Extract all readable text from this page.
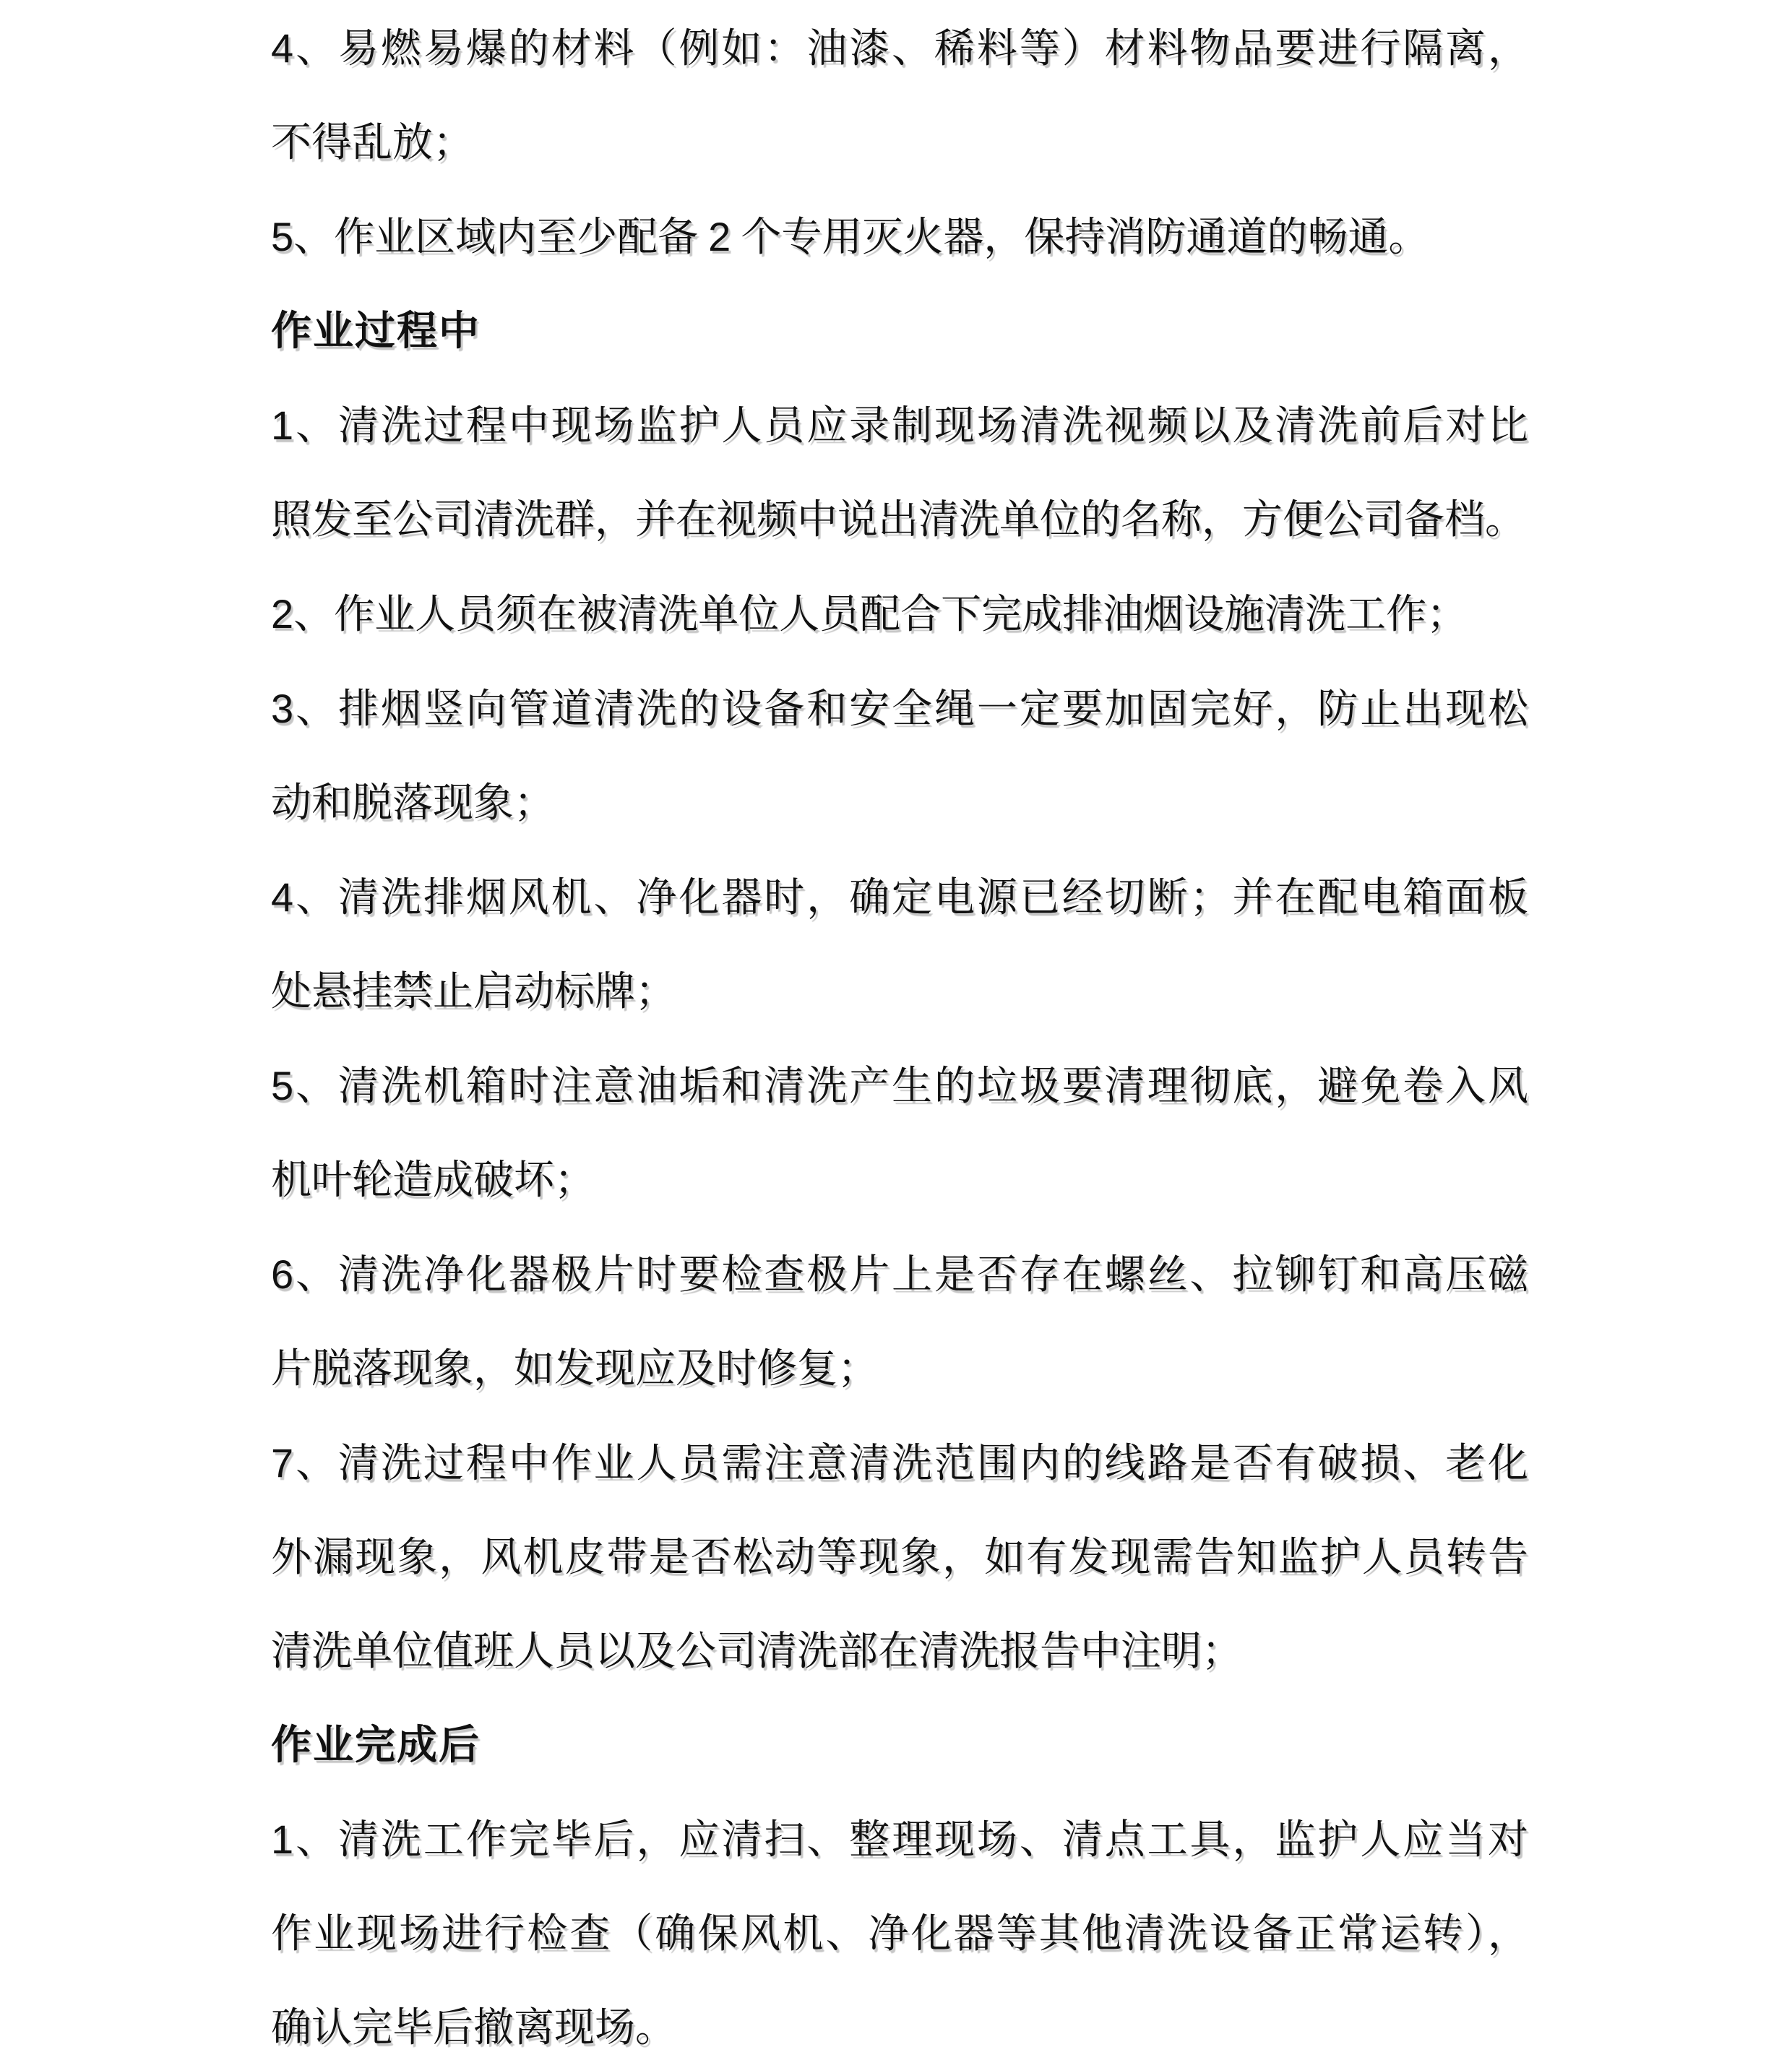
4、易燃易爆的材料（例如：油漆、稀料等）材料物品要进行隔离，
不得乱放；
5、作业区域内至少配备 2 个专用灭火器，保持消防通道的畅通。
作业过程中
1、清洗过程中现场监护人员应录制现场清洗视频以及清洗前后对比
照发至公司清洗群，并在视频中说出清洗单位的名称，方便公司备档。
2、作业人员须在被清洗单位人员配合下完成排油烟设施清洗工作；
3、排烟竖向管道清洗的设备和安全绳一定要加固完好，防止出现松
动和脱落现象；
4、清洗排烟风机、净化器时，确定电源已经切断；并在配电箱面板
处悬挂禁止启动标牌；
5、清洗机箱时注意油垢和清洗产生的垃圾要清理彻底，避免卷入风
机叶轮造成破坏；
6、清洗净化器极片时要检查极片上是否存在螺丝、拉铆钉和高压磁
片脱落现象，如发现应及时修复；
7、清洗过程中作业人员需注意清洗范围内的线路是否有破损、老化
外漏现象，风机皮带是否松动等现象，如有发现需告知监护人员转告
清洗单位值班人员以及公司清洗部在清洗报告中注明；
作业完成后
1、清洗工作完毕后，应清扫、整理现场、清点工具，监护人应当对
作业现场进行检查（确保风机、净化器等其他清洗设备正常运转），
确认完毕后撤离现场。
